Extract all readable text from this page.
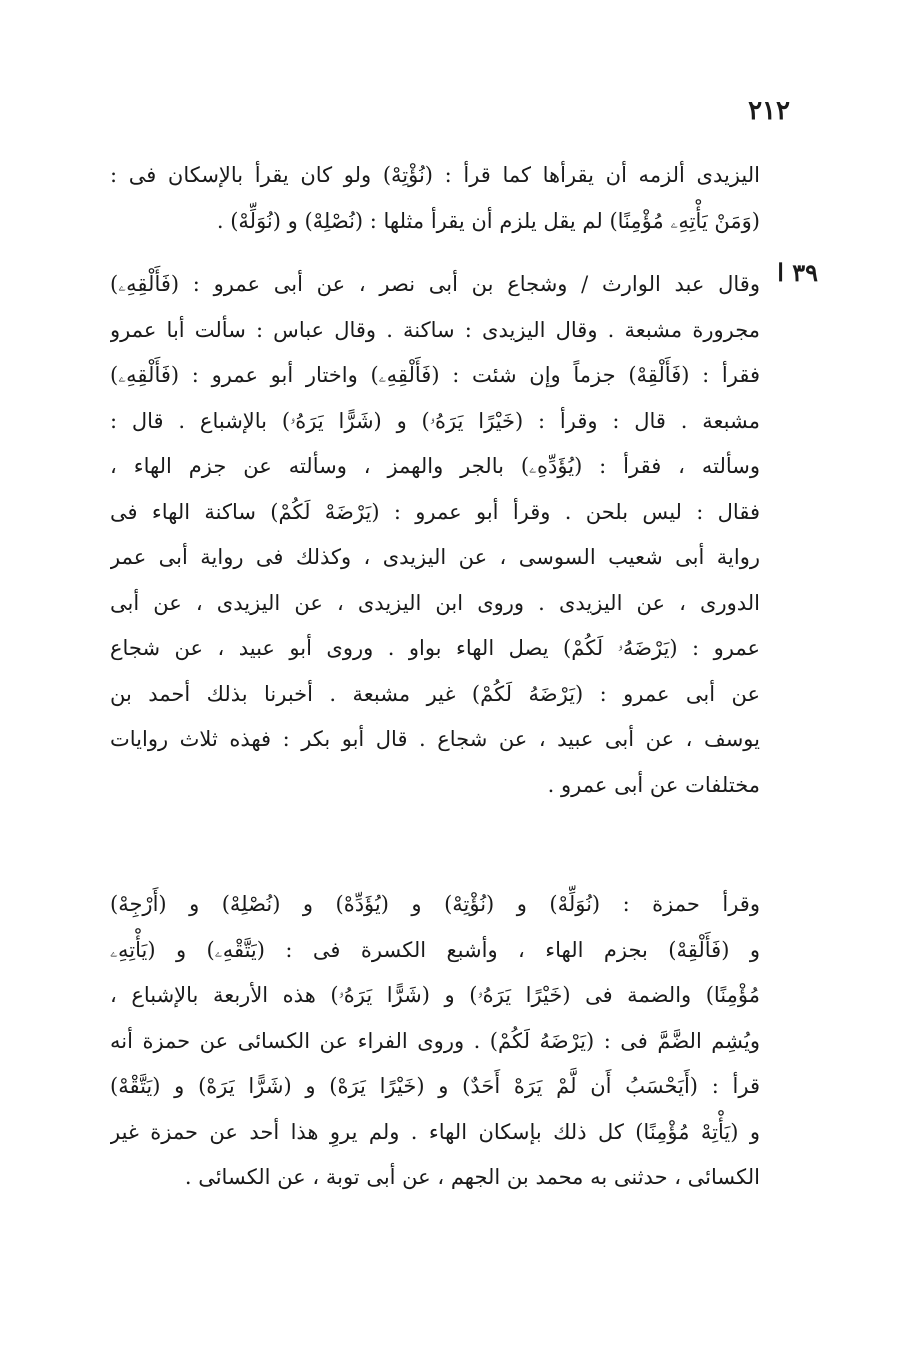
٢١٢
٣٩ ا
اليزيدى ألزمه أن يقرأها كما قرأ : (نُؤْتِهْ) ولو كان يقرأ بالإسكان فى :
(وَمَنْ يَأْتِهِۦ مُؤْمِنًا) لم يقل يلزم أن يقرأ مثلها : (نُصْلِهْ) و (نُوَلِّهْ) .
وقال عبد الوارث / وشجاع بن أبى نصر ، عن أبى عمرو : (فَأَلْقِهِۦ)
مجرورة مشبعة . وقال اليزيدى : ساكنة . وقال عباس : سألت أبا عمرو
فقرأ : (فَأَلْقِهْ) جزماً وإن شئت : (فَأَلْقِهِۦ) واختار أبو عمرو : (فَأَلْقِهِۦ)
مشبعة . قال : وقرأ : (خَيْرًا يَرَهُۥ) و (شَرًّا يَرَهُۥ) بالإشباع . قال :
وسألته ، فقرأ : (يُؤَدِّهِۦ) بالجر والهمز ، وسألته عن جزم الهاء ،
فقال : ليس بلحن . وقرأ أبو عمرو : (يَرْضَهْ لَكُمْ) ساكنة الهاء فى
رواية أبى شعيب السوسى ، عن اليزيدى ، وكذلك فى رواية أبى عمر
الدورى ، عن اليزيدى . وروى ابن اليزيدى ، عن اليزيدى ، عن أبى
عمرو : (يَرْضَهُۥ لَكُمْ) يصل الهاء بواو . وروى أبو عبيد ، عن شجاع
عن أبى عمرو : (يَرْضَهُ لَكُمْ) غير مشبعة . أخبرنا بذلك أحمد بن
يوسف ، عن أبى عبيد ، عن شجاع . قال أبو بكر : فهذه ثلاث روايات
مختلفات عن أبى عمرو .
وقرأ حمزة : (نُوَلِّهْ) و (نُؤْتِهْ) و (يُؤَدِّهْ) و (نُصْلِهْ) و (أَرْجِهْ)
و (فَأَلْقِهْ) بجزم الهاء ، وأشبع الكسرة فى : (يَتَّقْهِۦ) و (يَأْتِهِۦ
مُؤْمِنًا) والضمة فى (خَيْرًا يَرَهُۥ) و (شَرًّا يَرَهُۥ) هذه الأربعة بالإشباع ،
ويُشِم الضَّمَّ فى : (يَرْضَهُ لَكُمْ) . وروى الفراء عن الكسائى عن حمزة أنه
قرأ : (أَيَحْسَبُ أَن لَّمْ يَرَهْ أَحَدٌ) و (خَيْرًا يَرَهْ) و (شَرًّا يَرَهْ) و (يَتَّقْهْ)
و (يَأْتِهْ مُؤْمِنًا) كل ذلك بإسكان الهاء . ولم يروِ هذا أحد عن حمزة غير
الكسائى ، حدثنى به محمد بن الجهم ، عن أبى توبة ، عن الكسائى .
